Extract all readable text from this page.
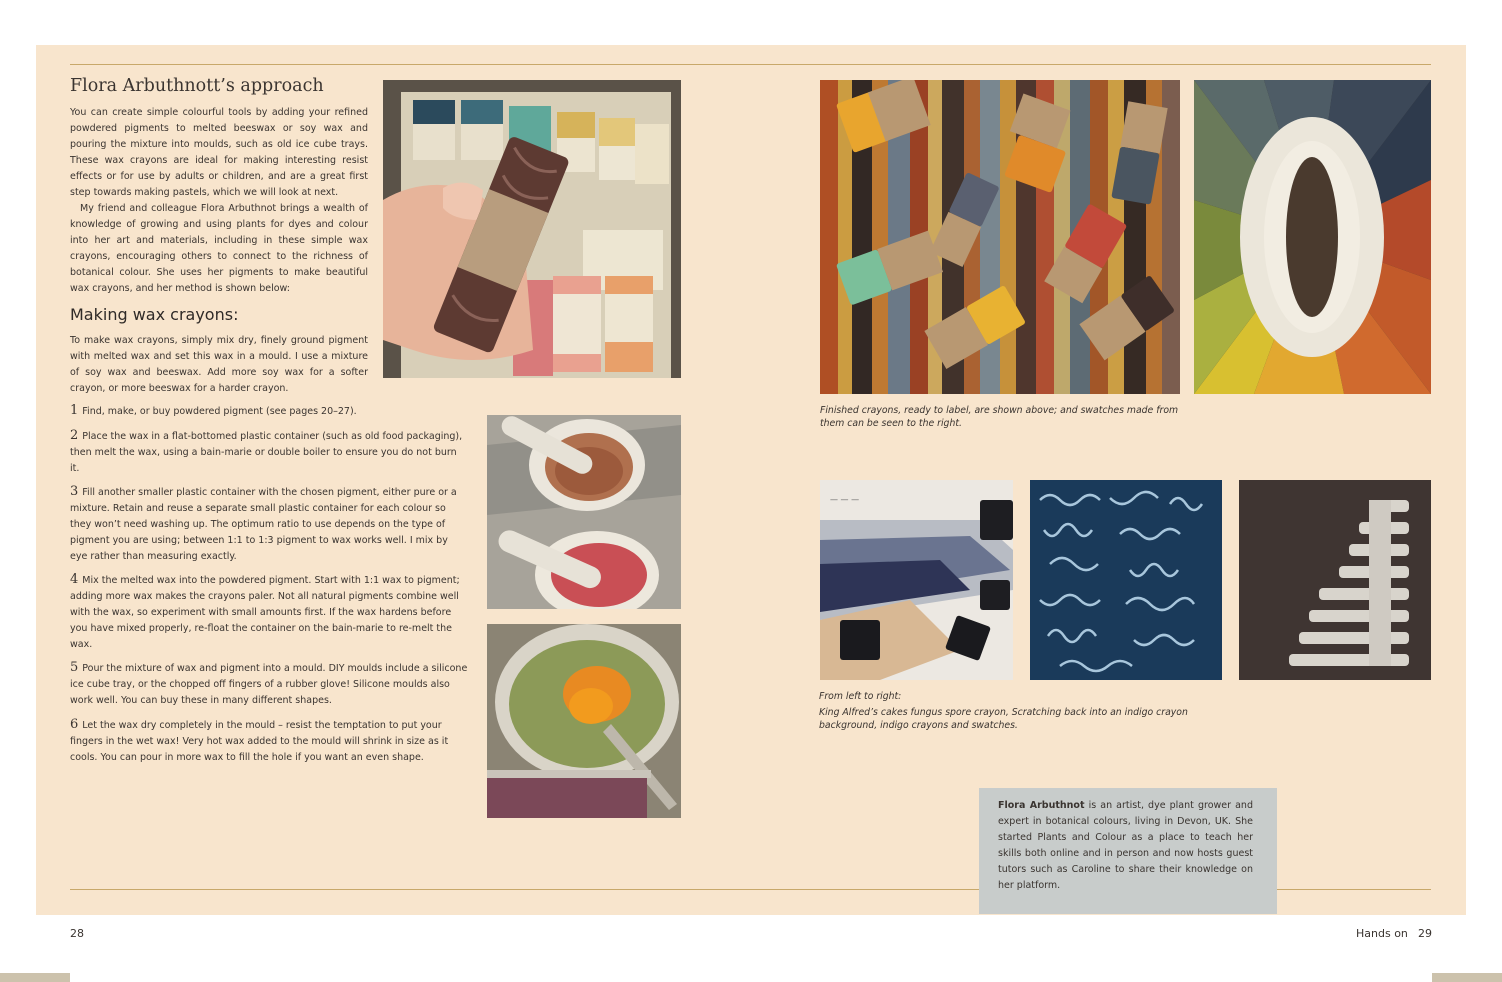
Flora Arbuthnott’s approach

You can create simple colourful tools by adding your refined powdered pigments to melted beeswax or soy wax and pouring the mixture into moulds, such as old ice cube trays. These wax crayons are ideal for making interesting resist effects or for use by adults or children, and are a great first step towards making pastels, which we will look at next.

My friend and colleague Flora Arbuthnot brings a wealth of knowledge of growing and using plants for dyes and colour into her art and materials, including in these simple wax crayons, encouraging others to connect to the richness of botanical colour. She uses her pigments to make beautiful wax crayons, and her method is shown below:

Making wax crayons:

To make wax crayons, simply mix dry, finely ground pigment with melted wax and set this wax in a mould. I use a mixture of soy wax and beeswax. Add more soy wax for a softer crayon, or more beeswax for a harder crayon.

1 Find, make, or buy powdered pigment (see pages 20–27).
2 Place the wax in a flat-bottomed plastic container (such as old food packaging), then melt the wax, using a bain-marie or double boiler to ensure you do not burn it.
3 Fill another smaller plastic container with the chosen pigment, either pure or a mixture. Retain and reuse a separate small plastic container for each colour so they won’t need washing up. The optimum ratio to use depends on the type of pigment you are using; between 1:1 to 1:3 pigment to wax works well. I mix by eye rather than measuring exactly.
4 Mix the melted wax into the powdered pigment. Start with 1:1 wax to pigment; adding more wax makes the crayons paler. Not all natural pigments combine well with the wax, so experiment with small amounts first. If the wax hardens before you have mixed properly, re-float the container on the bain-marie to re-melt the wax.
5 Pour the mixture of wax and pigment into a mould. DIY moulds include a silicone ice cube tray, or the chopped off fingers of a rubber glove! Silicone moulds also work well. You can buy these in many different shapes.
6 Let the wax dry completely in the mould – resist the temptation to put your fingers in the wet wax! Very hot wax added to the mould will shrink in size as it cools. You can pour in more wax to fill the hole if you want an even shape.

Finished crayons, ready to label, are shown above; and swatches made from them can be seen to the right.

— — —

From left to right:

King Alfred’s cakes fungus spore crayon, Scratching back into an indigo crayon background, indigo crayons and swatches.

Flora Arbuthnot is an artist, dye plant grower and expert in botanical colours, living in Devon, UK. She started Plants and Colour as a place to teach her skills both online and in person and now hosts guest tutors such as Caroline to share their knowledge on her platform.
28	Hands on 29
